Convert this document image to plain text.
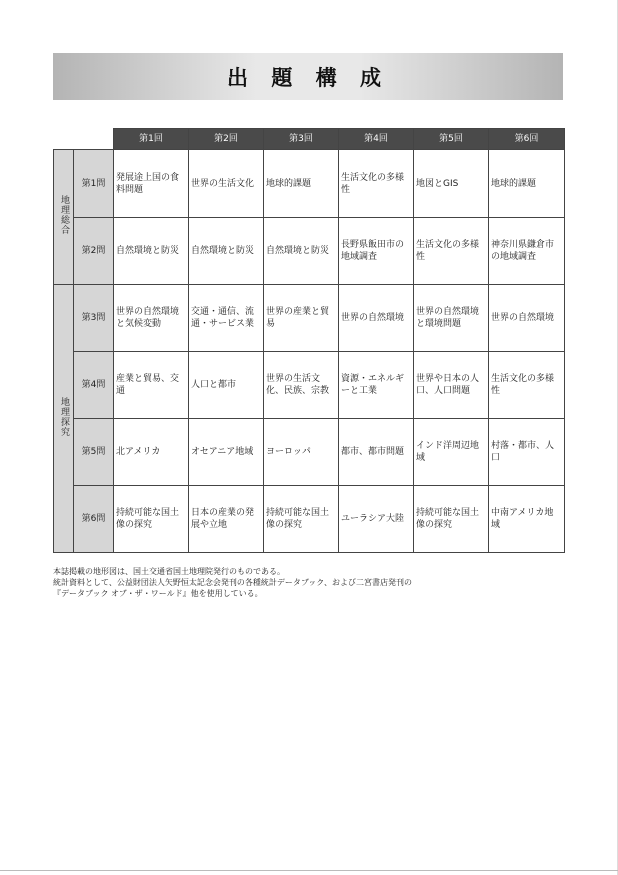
出 題 構 成
		第1回	第2回	第3回	第4回	第5回	第6回
地理総合	第1問	発展途上国の食料問題	世界の生活文化	地球的課題	生活文化の多様性	地図とGIS	地球的課題
	第2問	自然環境と防災	自然環境と防災	自然環境と防災	長野県飯田市の地域調査	生活文化の多様性	神奈川県鎌倉市の地域調査
地理探究	第3問	世界の自然環境と気候変動	交通・通信、流通・サービス業	世界の産業と貿易	世界の自然環境	世界の自然環境と環境問題	世界の自然環境
	第4問	産業と貿易、交通	人口と都市	世界の生活文化、民族、宗教	資源・エネルギーと工業	世界や日本の人口、人口問題	生活文化の多様性
	第5問	北アメリカ	オセアニア地域	ヨーロッパ	都市、都市問題	インド洋周辺地域	村落・都市、人口
	第6問	持続可能な国土像の探究	日本の産業の発展や立地	持続可能な国土像の探究	ユーラシア大陸	持続可能な国土像の探究	中南アメリカ地域
本誌掲載の地形図は、国土交通省国土地理院発行のものである。
統計資料として、公益財団法人矢野恒太記念会発刊の各種統計データブック、および二宮書店発刊の
『データブック オブ・ザ・ワールド』他を使用している。
